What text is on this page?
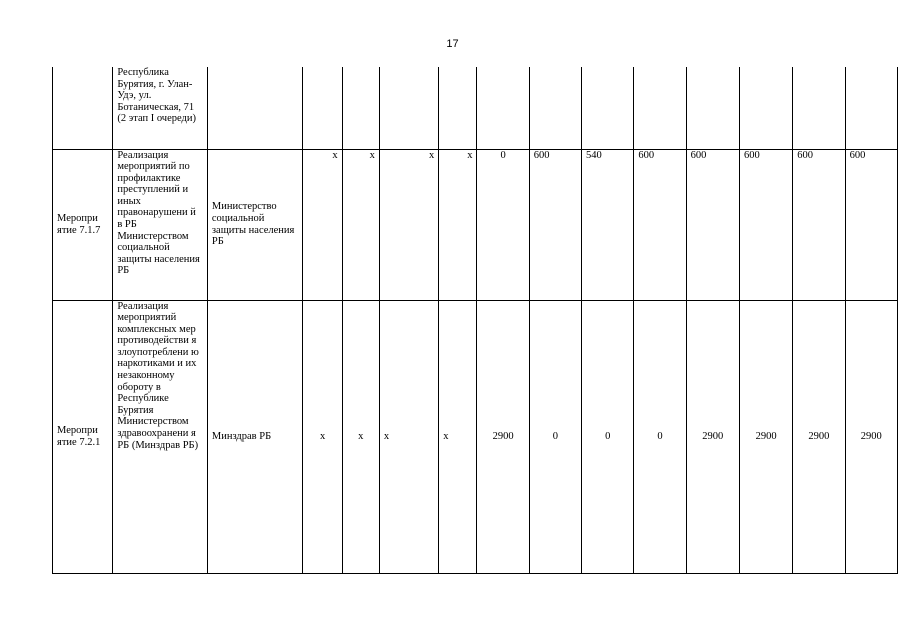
17
	Республика Бурятия, г. Улан-Удэ, ул. Ботаническая, 71 (2 этап I очереди)													
Меропри ятие 7.1.7	Реализация мероприятий по профилактике преступлений и иных правонарушени й в РБ Министерством социальной защиты населения РБ	Министерство социальной защиты населения РБ	x	x	x	x	0	600	540	600	600	600	600	600
Меропри ятие 7.2.1	Реализация мероприятий комплексных мер противодействи я злоупотреблени ю наркотиками и их незаконному обороту в Республике Бурятия Министерством здравоохранени я РБ (Минздрав РБ)	Минздрав РБ	x	x	x	x	2900	0	0	0	2900	2900	2900	2900
